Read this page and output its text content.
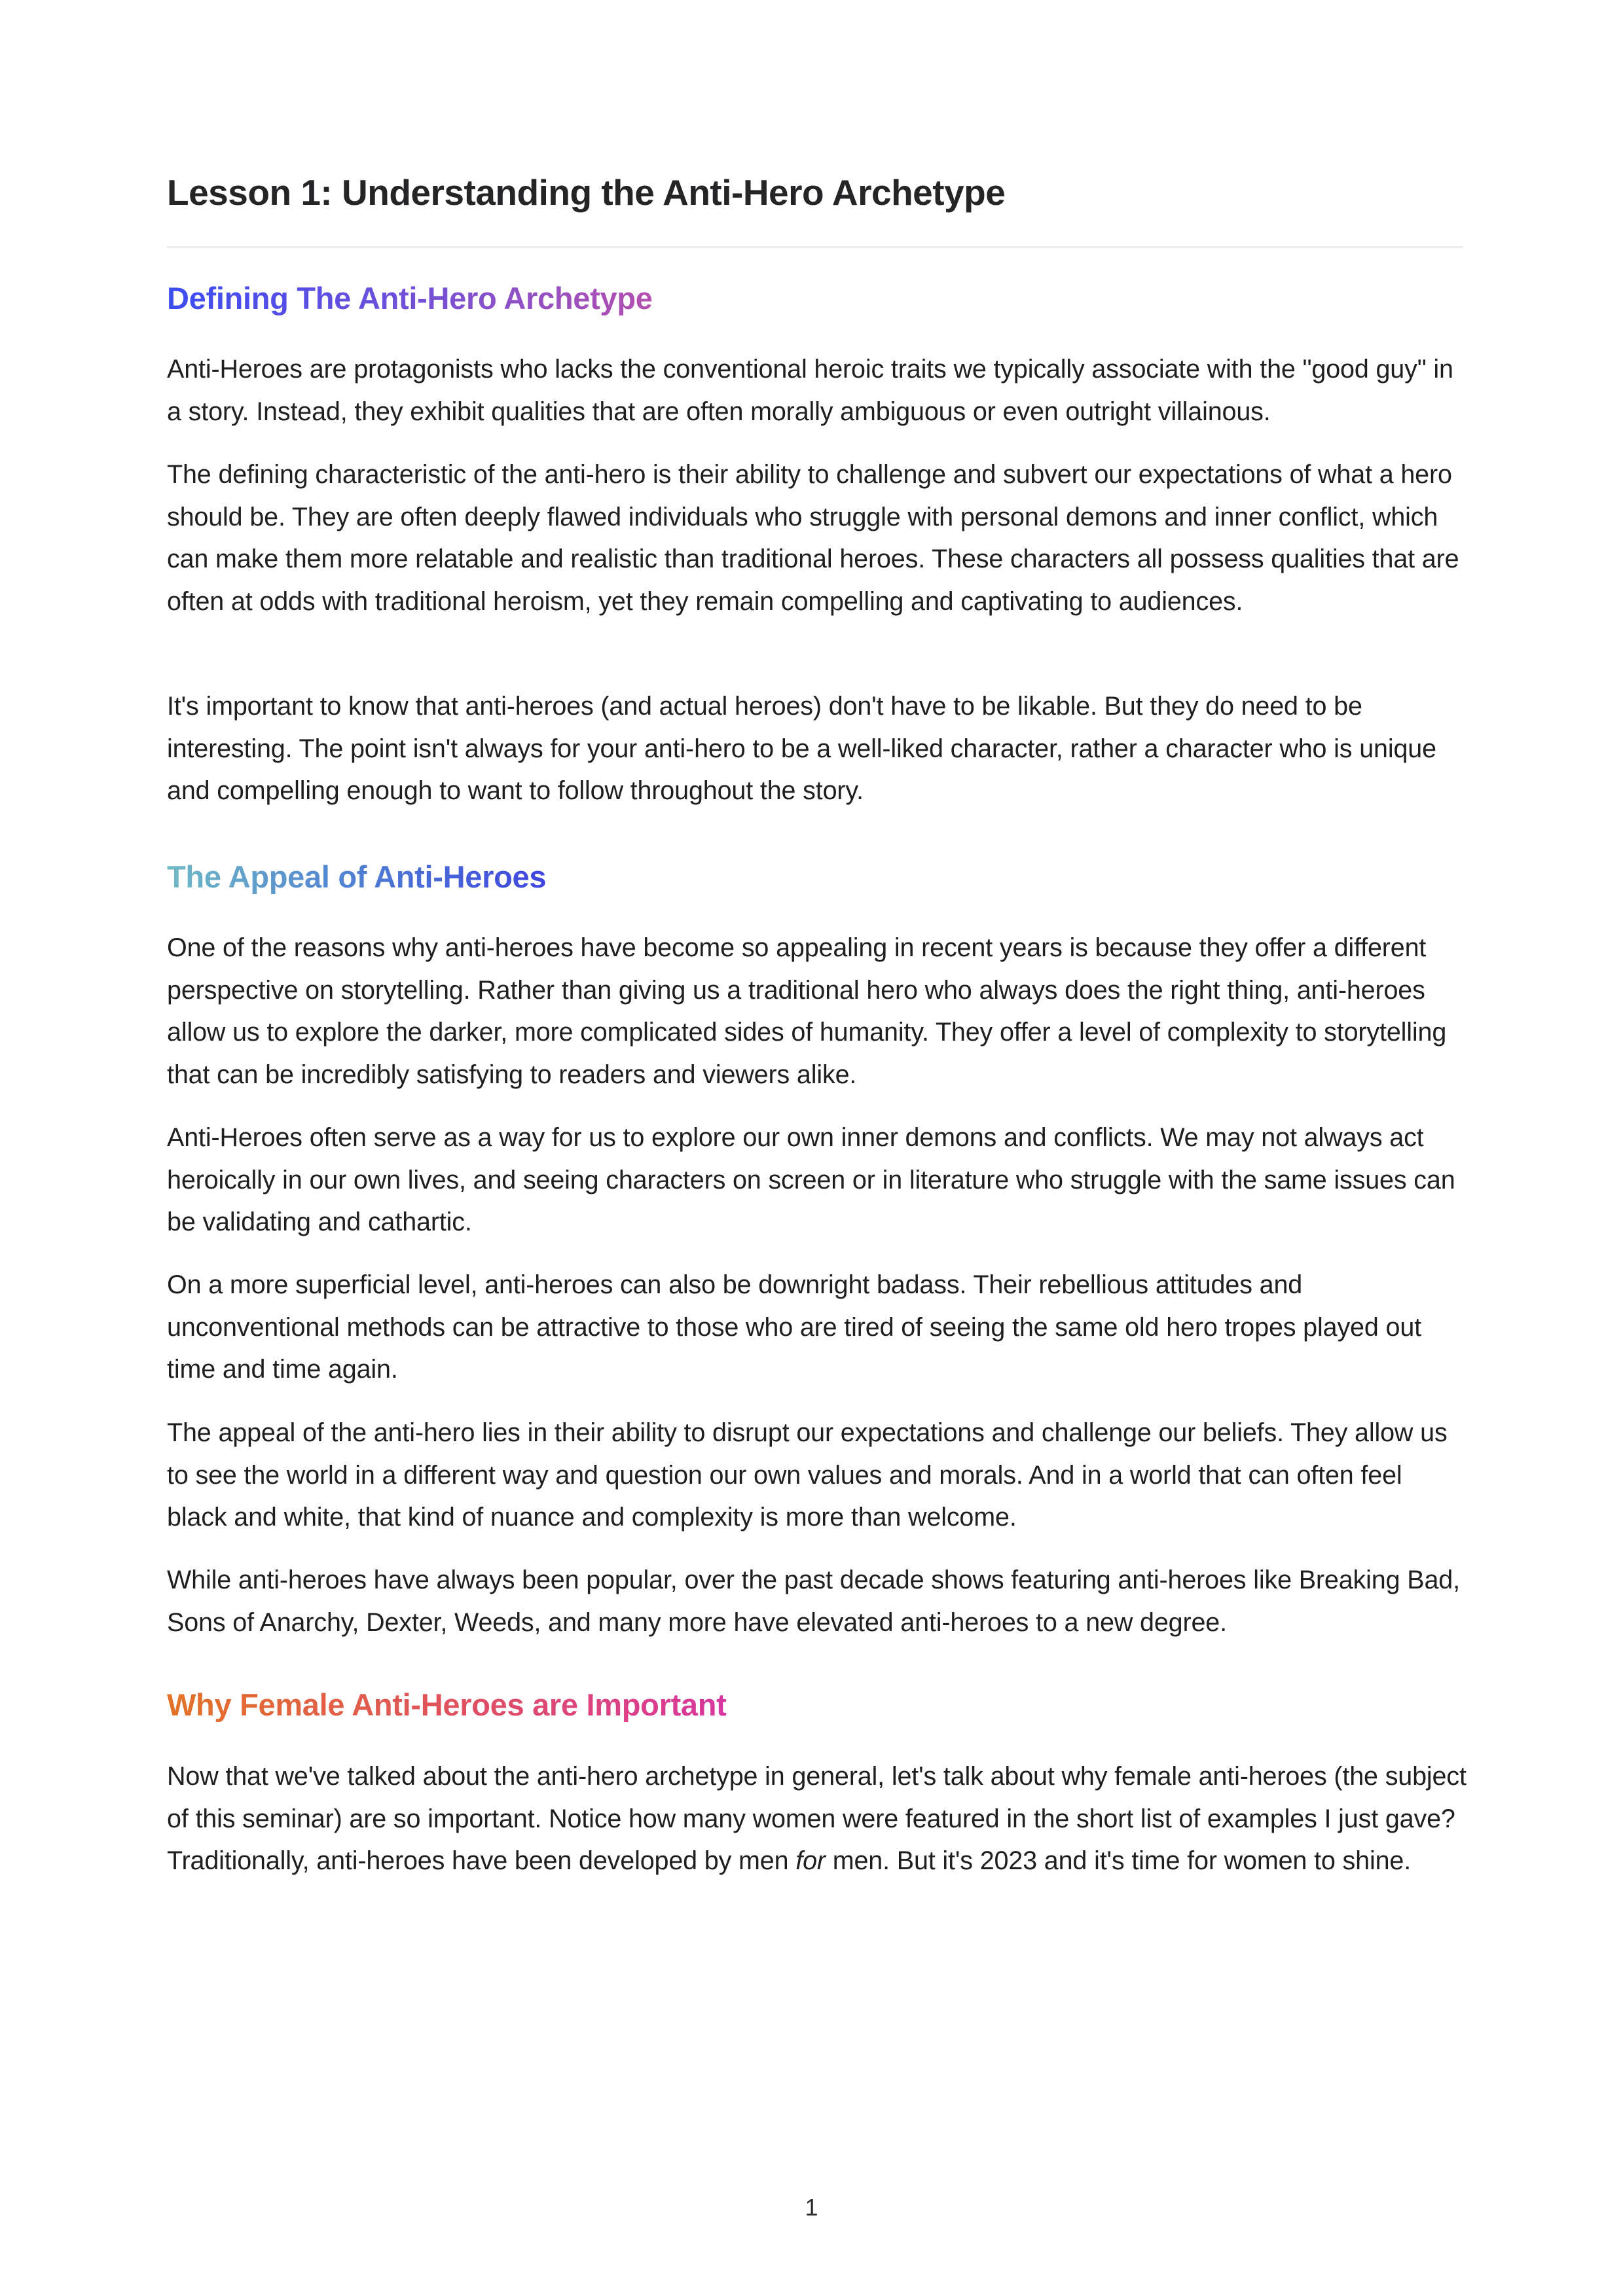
Lesson 1: Understanding the Anti-Hero Archetype
Defining The Anti-Hero Archetype

Anti-Heroes are protagonists who lacks the conventional heroic traits we typically associate with the "good guy" in a story. Instead, they exhibit qualities that are often morally ambiguous or even outright villainous.

The defining characteristic of the anti-hero is their ability to challenge and subvert our expectations of what a hero should be. They are often deeply flawed individuals who struggle with personal demons and inner conflict, which can make them more relatable and realistic than traditional heroes. These characters all possess qualities that are often at odds with traditional heroism, yet they remain compelling and captivating to audiences.

It's important to know that anti-heroes (and actual heroes) don't have to be likable. But they do need to be interesting. The point isn't always for your anti-hero to be a well-liked character, rather a character who is unique and compelling enough to want to follow throughout the story.

The Appeal of Anti-Heroes

One of the reasons why anti-heroes have become so appealing in recent years is because they offer a different perspective on storytelling. Rather than giving us a traditional hero who always does the right thing, anti-heroes allow us to explore the darker, more complicated sides of humanity. They offer a level of complexity to storytelling that can be incredibly satisfying to readers and viewers alike.

Anti-Heroes often serve as a way for us to explore our own inner demons and conflicts. We may not always act heroically in our own lives, and seeing characters on screen or in literature who struggle with the same issues can be validating and cathartic.

On a more superficial level, anti-heroes can also be downright badass. Their rebellious attitudes and unconventional methods can be attractive to those who are tired of seeing the same old hero tropes played out time and time again.

The appeal of the anti-hero lies in their ability to disrupt our expectations and challenge our beliefs. They allow us to see the world in a different way and question our own values and morals. And in a world that can often feel black and white, that kind of nuance and complexity is more than welcome.

While anti-heroes have always been popular, over the past decade shows featuring anti-heroes like Breaking Bad, Sons of Anarchy, Dexter, Weeds, and many more have elevated anti-heroes to a new degree.

Why Female Anti-Heroes are Important

Now that we've talked about the anti-hero archetype in general, let's talk about why female anti-heroes (the subject of this seminar) are so important. Notice how many women were featured in the short list of examples I just gave? Traditionally, anti-heroes have been developed by men for men. But it's 2023 and it's time for women to shine.

1
